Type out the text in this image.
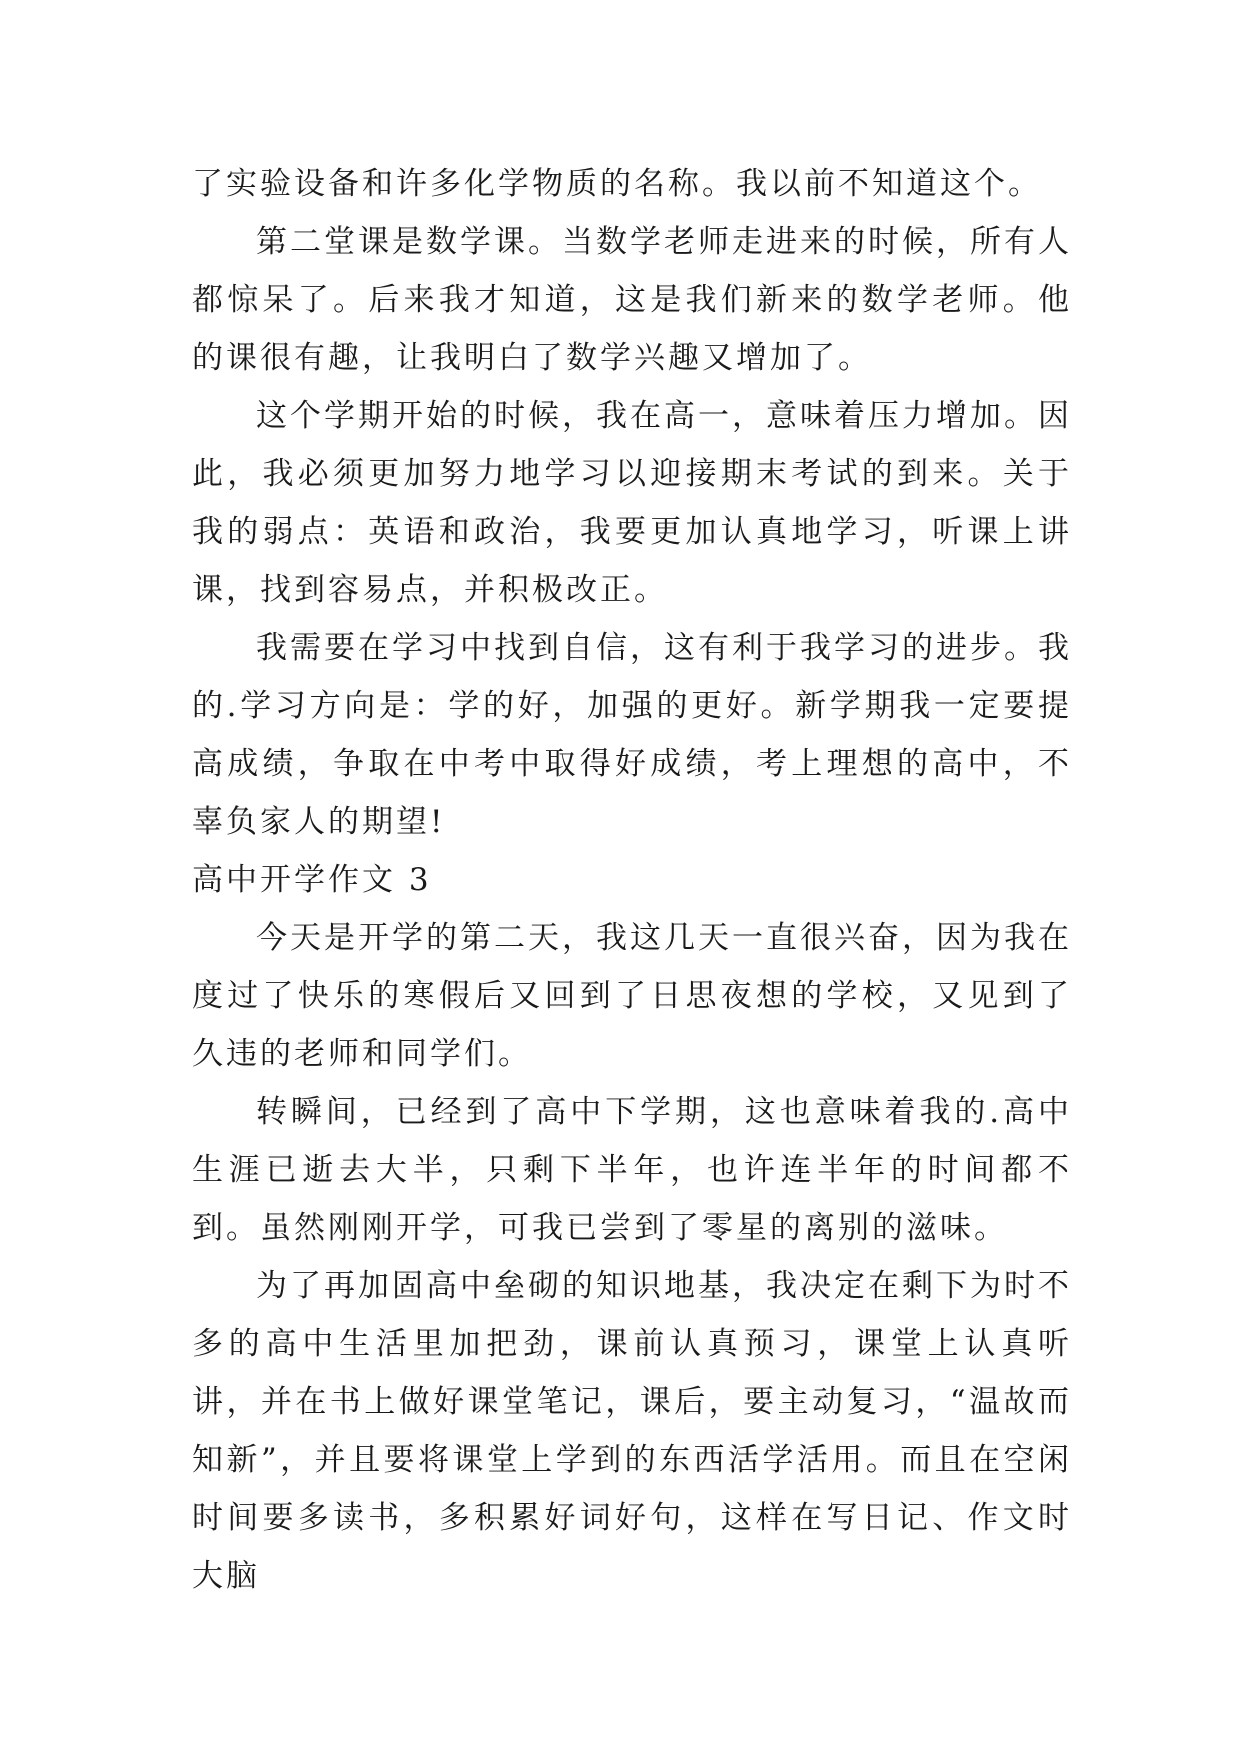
了实验设备和许多化学物质的名称。我以前不知道这个。

第二堂课是数学课。当数学老师走进来的时候，所有人都惊呆了。后来我才知道，这是我们新来的数学老师。他的课很有趣，让我明白了数学兴趣又增加了。

这个学期开始的时候，我在高一，意味着压力增加。因此，我必须更加努力地学习以迎接期末考试的到来。关于我的弱点：英语和政治，我要更加认真地学习，听课上讲课，找到容易点，并积极改正。

我需要在学习中找到自信，这有利于我学习的进步。我的.学习方向是：学的好，加强的更好。新学期我一定要提高成绩，争取在中考中取得好成绩，考上理想的高中，不辜负家人的期望!

高中开学作文 3

今天是开学的第二天，我这几天一直很兴奋，因为我在度过了快乐的寒假后又回到了日思夜想的学校，又见到了久违的老师和同学们。

转瞬间，已经到了高中下学期，这也意味着我的.高中生涯已逝去大半，只剩下半年，也许连半年的时间都不到。虽然刚刚开学，可我已尝到了零星的离别的滋味。

为了再加固高中垒砌的知识地基，我决定在剩下为时不多的高中生活里加把劲，课前认真预习，课堂上认真听讲，并在书上做好课堂笔记，课后，要主动复习，“温故而知新”，并且要将课堂上学到的东西活学活用。而且在空闲时间要多读书，多积累好词好句，这样在写日记、作文时大脑
